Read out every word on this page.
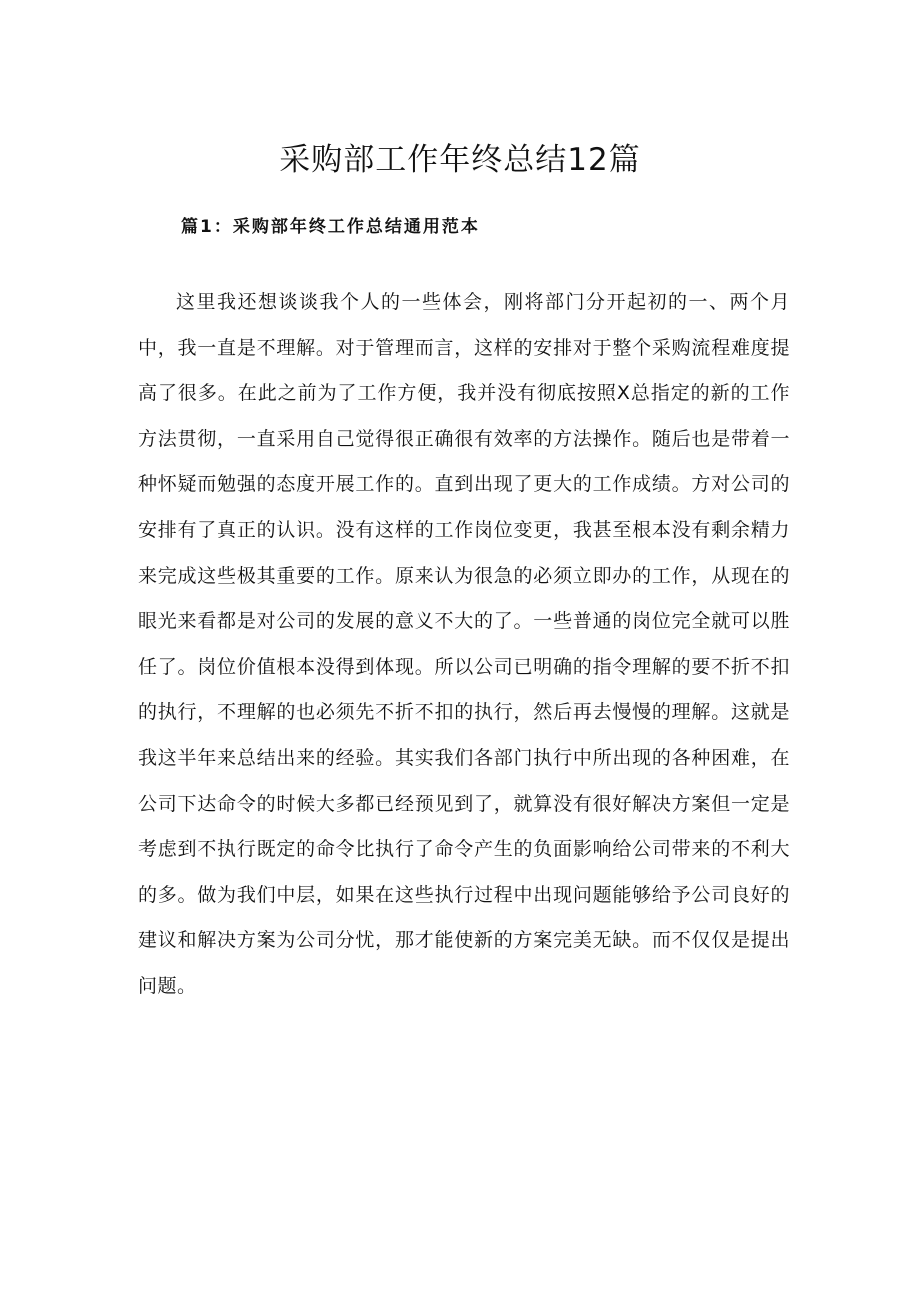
采购部工作年终总结12篇
篇1：采购部年终工作总结通用范本

这里我还想谈谈我个人的一些体会，刚将部门分开起初的一、两个月中，我一直是不理解。对于管理而言，这样的安排对于整个采购流程难度提高了很多。在此之前为了工作方便，我并没有彻底按照X总指定的新的工作方法贯彻，一直采用自己觉得很正确很有效率的方法操作。随后也是带着一种怀疑而勉强的态度开展工作的。直到出现了更大的工作成绩。方对公司的安排有了真正的认识。没有这样的工作岗位变更，我甚至根本没有剩余精力来完成这些极其重要的工作。原来认为很急的必须立即办的工作，从现在的眼光来看都是对公司的发展的意义不大的了。一些普通的岗位完全就可以胜任了。岗位价值根本没得到体现。所以公司已明确的指令理解的要不折不扣的执行，不理解的也必须先不折不扣的执行，然后再去慢慢的理解。这就是我这半年来总结出来的经验。其实我们各部门执行中所出现的各种困难，在公司下达命令的时候大多都已经预见到了，就算没有很好解决方案但一定是考虑到不执行既定的命令比执行了命令产生的负面影响给公司带来的不利大的多。做为我们中层，如果在这些执行过程中出现问题能够给予公司良好的建议和解决方案为公司分忧，那才能使新的方案完美无缺。而不仅仅是提出问题。
